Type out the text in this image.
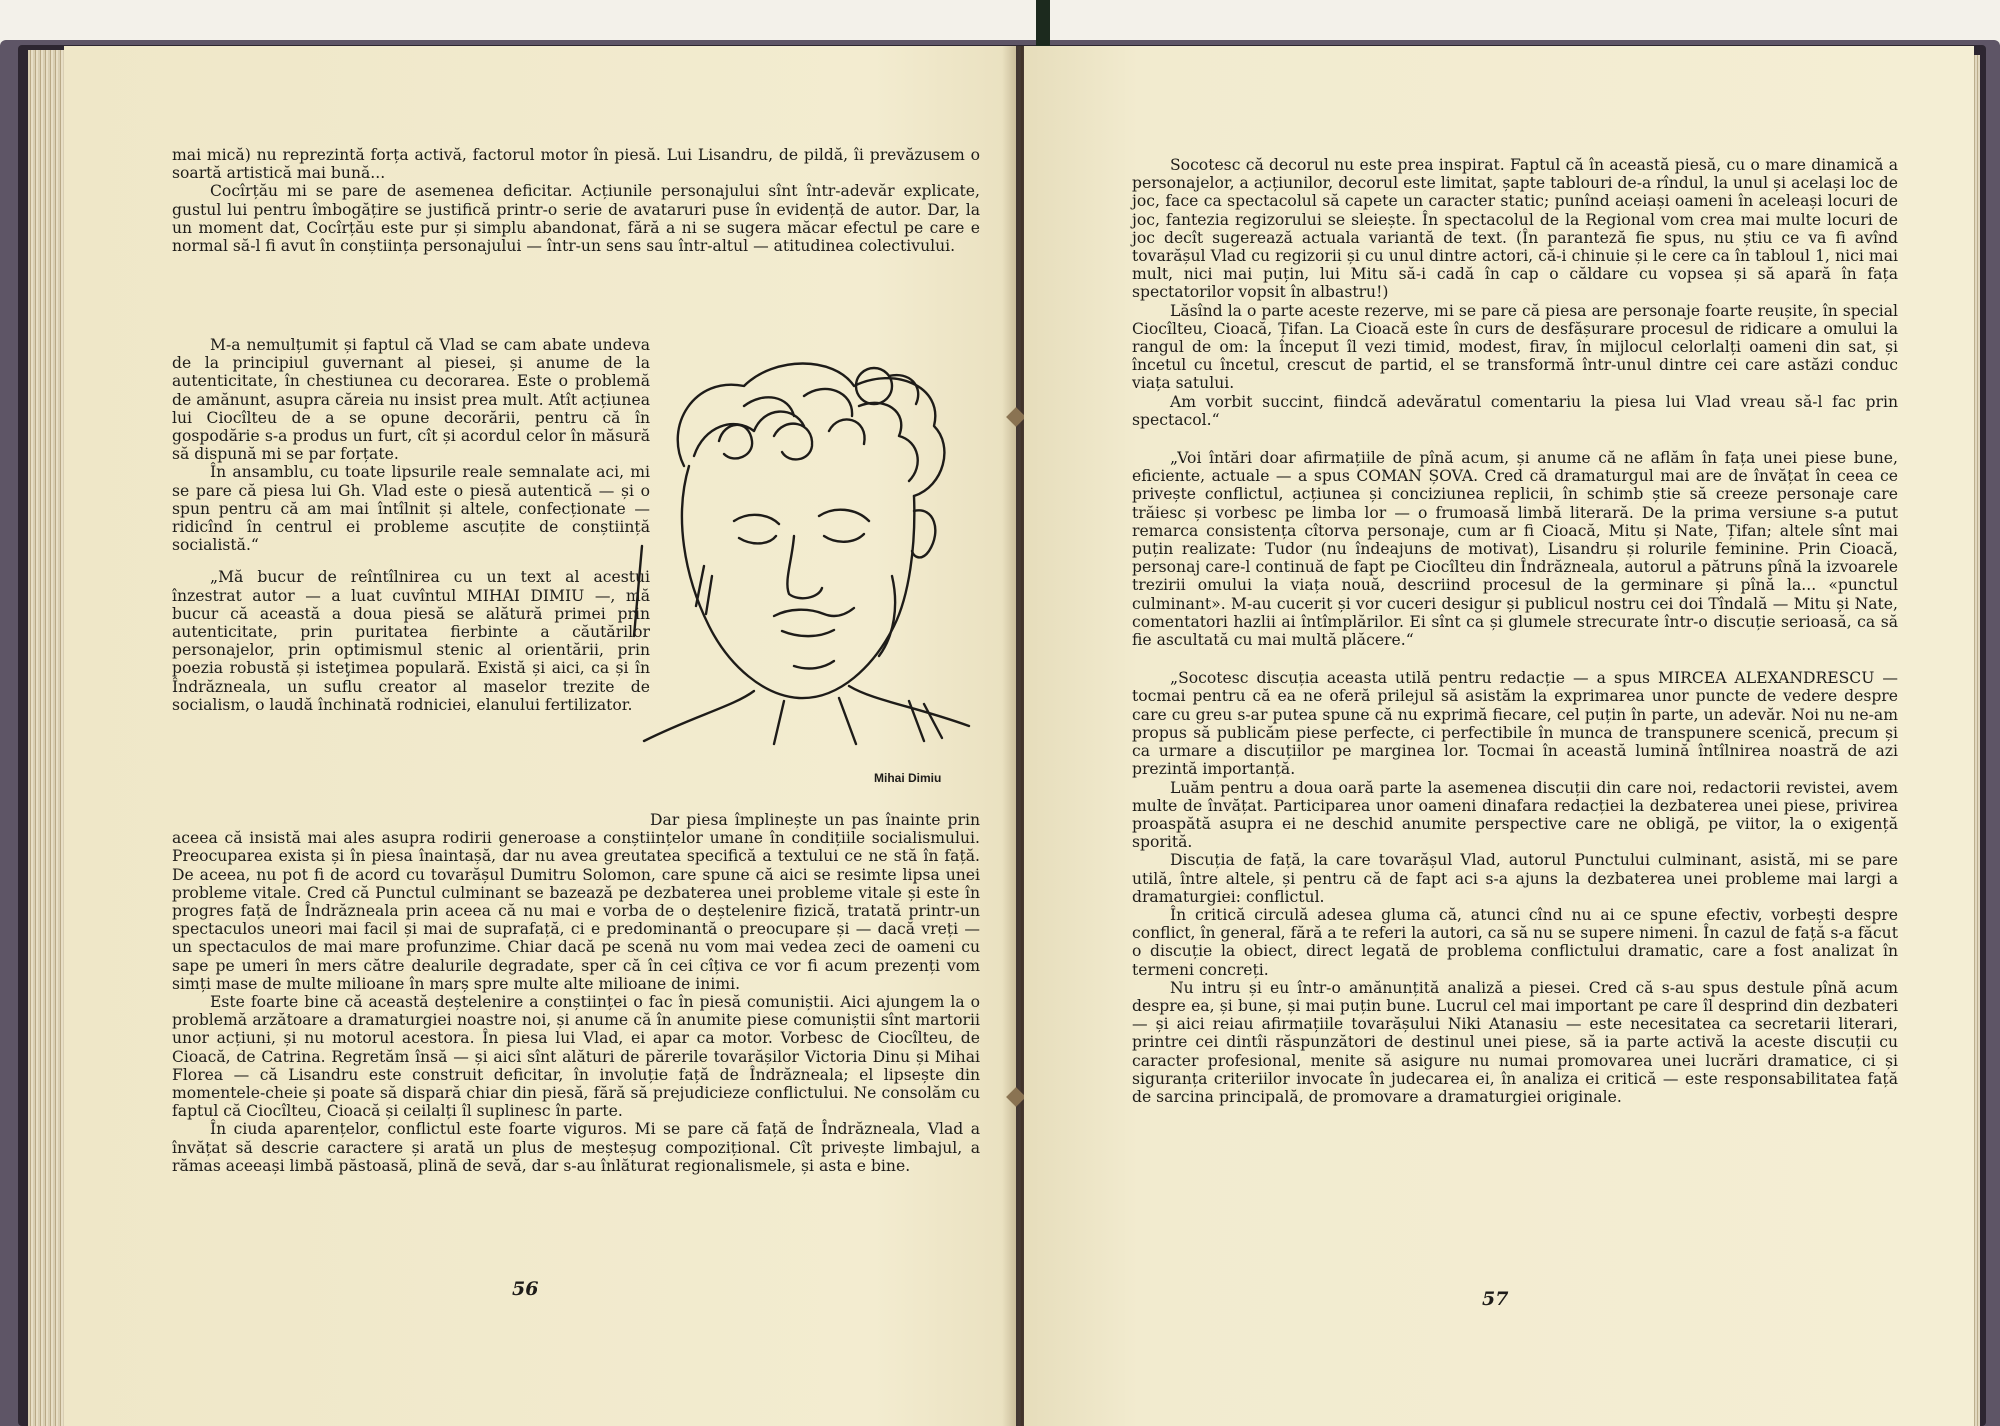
mai mică) nu reprezintă forța activă, factorul motor în piesă. Lui Lisandru, de pildă, îi prevăzusem o soartă artistică mai bună...

Cocîrțău mi se pare de asemenea deficitar. Acțiunile personajului sînt într-adevăr explicate, gustul lui pentru îmbogățire se justifică printr-o serie de avataruri puse în evidență de autor. Dar, la un moment dat, Cocîrțău este pur și simplu abandonat, fără a ni se sugera măcar efectul pe care e normal să-l fi avut în conștiința personajului — într-un sens sau într-altul — atitudinea colectivului.

M-a nemulțumit și faptul că Vlad se cam abate undeva de la principiul guvernant al piesei, și anume de la autenticitate, în chestiunea cu decorarea. Este o problemă de amănunt, asupra căreia nu insist prea mult. Atît acțiunea lui Ciocîlteu de a se opune decorării, pentru că în gospodărie s-a produs un furt, cît și acordul celor în măsură să dispună mi se par forțate.

În ansamblu, cu toate lipsurile reale semnalate aci, mi se pare că piesa lui Gh. Vlad este o piesă autentică — și o spun pentru că am mai întîlnit și altele, confecționate — ridicînd în centrul ei probleme ascuțite de conștiință socialistă.“

„Mă bucur de reîntîlnirea cu un text al acestui înzestrat autor — a luat cuvîntul MIHAI DIMIU —, mă bucur că această a doua piesă se alătură primei prin autenticitate, prin puritatea fierbinte a căutărilor personajelor, prin optimismul stenic al orientării, prin poezia robustă și isteţimea populară. Există și aici, ca și în Îndrăzneala, un suflu creator al maselor trezite de socialism, o laudă închinată rodniciei, elanului fertilizator.

Mihai Dimiu

Dar piesa împlinește un pas înainte prin aceea că insistă mai ales asupra rodirii generoase a conștiințelor umane în condițiile socialismului. Preocuparea exista și în piesa înaintașă, dar nu avea greutatea specifică a textului ce ne stă în față. De aceea, nu pot fi de acord cu tovarășul Dumitru Solomon, care spune că aici se resimte lipsa unei probleme vitale. Cred că Punctul culminant se bazează pe dezbaterea unei probleme vitale și este în progres față de Îndrăzneala prin aceea că nu mai e vorba de o deștelenire fizică, tratată printr-un spectaculos uneori mai facil și mai de suprafață, ci e predominantă o preocupare și — dacă vreți — un spectaculos de mai mare profunzime. Chiar dacă pe scenă nu vom mai vedea zeci de oameni cu sape pe umeri în mers către dealurile degradate, sper că în cei cîțiva ce vor fi acum prezenți vom simți mase de multe milioane în marș spre multe alte milioane de inimi.

Este foarte bine că această deștelenire a conștiinței o fac în piesă comuniștii. Aici ajungem la o problemă arzătoare a dramaturgiei noastre noi, și anume că în anumite piese comuniștii sînt martorii unor acțiuni, și nu motorul acestora. În piesa lui Vlad, ei apar ca motor. Vorbesc de Ciocîlteu, de Cioacă, de Catrina. Regretăm însă — și aici sînt alături de părerile tovarășilor Victoria Dinu și Mihai Florea — că Lisandru este construit deficitar, în involuție față de Îndrăzneala; el lipsește din momentele-cheie și poate să dispară chiar din piesă, fără să prejudicieze conflictului. Ne consolăm cu faptul că Ciocîlteu, Cioacă și ceilalți îl suplinesc în parte.

În ciuda aparențelor, conflictul este foarte viguros. Mi se pare că față de Îndrăzneala, Vlad a învățat să descrie caractere și arată un plus de meșteșug compozițional. Cît privește limbajul, a rămas aceeași limbă păstoasă, plină de sevă, dar s-au înlăturat regionalismele, și asta e bine.

56

Socotesc că decorul nu este prea inspirat. Faptul că în această piesă, cu o mare dinamică a personajelor, a acțiunilor, decorul este limitat, șapte tablouri de-a rîndul, la unul și același loc de joc, face ca spectacolul să capete un caracter static; punînd aceiași oameni în aceleași locuri de joc, fantezia regizorului se sleiește. În spectacolul de la Regional vom crea mai multe locuri de joc decît sugerează actuala variantă de text. (În paranteză fie spus, nu știu ce va fi avînd tovarășul Vlad cu regizorii și cu unul dintre actori, că-i chinuie și le cere ca în tabloul 1, nici mai mult, nici mai puțin, lui Mitu să-i cadă în cap o căldare cu vopsea și să apară în fața spectatorilor vopsit în albastru!)

Lăsînd la o parte aceste rezerve, mi se pare că piesa are personaje foarte reușite, în special Ciocîlteu, Cioacă, Țifan. La Cioacă este în curs de desfășurare procesul de ridicare a omului la rangul de om: la început îl vezi timid, modest, firav, în mijlocul celorlalți oameni din sat, și încetul cu încetul, crescut de partid, el se transformă într-unul dintre cei care astăzi conduc viața satului.

Am vorbit succint, fiindcă adevăratul comentariu la piesa lui Vlad vreau să-l fac prin spectacol.“

„Voi întări doar afirmațiile de pînă acum, și anume că ne aflăm în fața unei piese bune, eficiente, actuale — a spus COMAN ȘOVA. Cred că dramaturgul mai are de învățat în ceea ce privește conflictul, acțiunea și conciziunea replicii, în schimb știe să creeze personaje care trăiesc și vorbesc pe limba lor — o frumoasă limbă literară. De la prima versiune s-a putut remarca consistența cîtorva personaje, cum ar fi Cioacă, Mitu și Nate, Țifan; altele sînt mai puțin realizate: Tudor (nu îndeajuns de motivat), Lisandru și rolurile feminine. Prin Cioacă, personaj care-l continuă de fapt pe Ciocîlteu din Îndrăzneala, autorul a pătruns pînă la izvoarele trezirii omului la viața nouă, descriind procesul de la germinare și pînă la... «punctul culminant». M-au cucerit și vor cuceri desigur și publicul nostru cei doi Tîndală — Mitu și Nate, comentatori hazlii ai întîmplărilor. Ei sînt ca și glumele strecurate într-o discuție serioasă, ca să fie ascultată cu mai multă plăcere.“

„Socotesc discuția aceasta utilă pentru redacție — a spus MIRCEA ALEXANDRESCU — tocmai pentru că ea ne oferă prilejul să asistăm la exprimarea unor puncte de vedere despre care cu greu s-ar putea spune că nu exprimă fiecare, cel puțin în parte, un adevăr. Noi nu ne-am propus să publicăm piese perfecte, ci perfectibile în munca de transpunere scenică, precum și ca urmare a discuțiilor pe marginea lor. Tocmai în această lumină întîlnirea noastră de azi prezintă importanță.

Luăm pentru a doua oară parte la asemenea discuții din care noi, redactorii revistei, avem multe de învățat. Participarea unor oameni dinafara redacției la dezbaterea unei piese, privirea proaspătă asupra ei ne deschid anumite perspective care ne obligă, pe viitor, la o exigență sporită.

Discuția de față, la care tovarășul Vlad, autorul Punctului culminant, asistă, mi se pare utilă, între altele, și pentru că de fapt aci s-a ajuns la dezbaterea unei probleme mai largi a dramaturgiei: conflictul.

În critică circulă adesea gluma că, atunci cînd nu ai ce spune efectiv, vorbești despre conflict, în general, fără a te referi la autori, ca să nu se supere nimeni. În cazul de față s-a făcut o discuție la obiect, direct legată de problema conflictului dramatic, care a fost analizat în termeni concreți.

Nu intru și eu într-o amănunțită analiză a piesei. Cred că s-au spus destule pînă acum despre ea, și bune, și mai puțin bune. Lucrul cel mai important pe care îl desprind din dezbateri — și aici reiau afirmațiile tovarășului Niki Atanasiu — este necesitatea ca secretarii literari, printre cei dintîi răspunzători de destinul unei piese, să ia parte activă la aceste discuții cu caracter profesional, menite să asigure nu numai promovarea unei lucrări dramatice, ci și siguranța criteriilor invocate în judecarea ei, în analiza ei critică — este responsabilitatea față de sarcina principală, de promovare a dramaturgiei originale.

57
